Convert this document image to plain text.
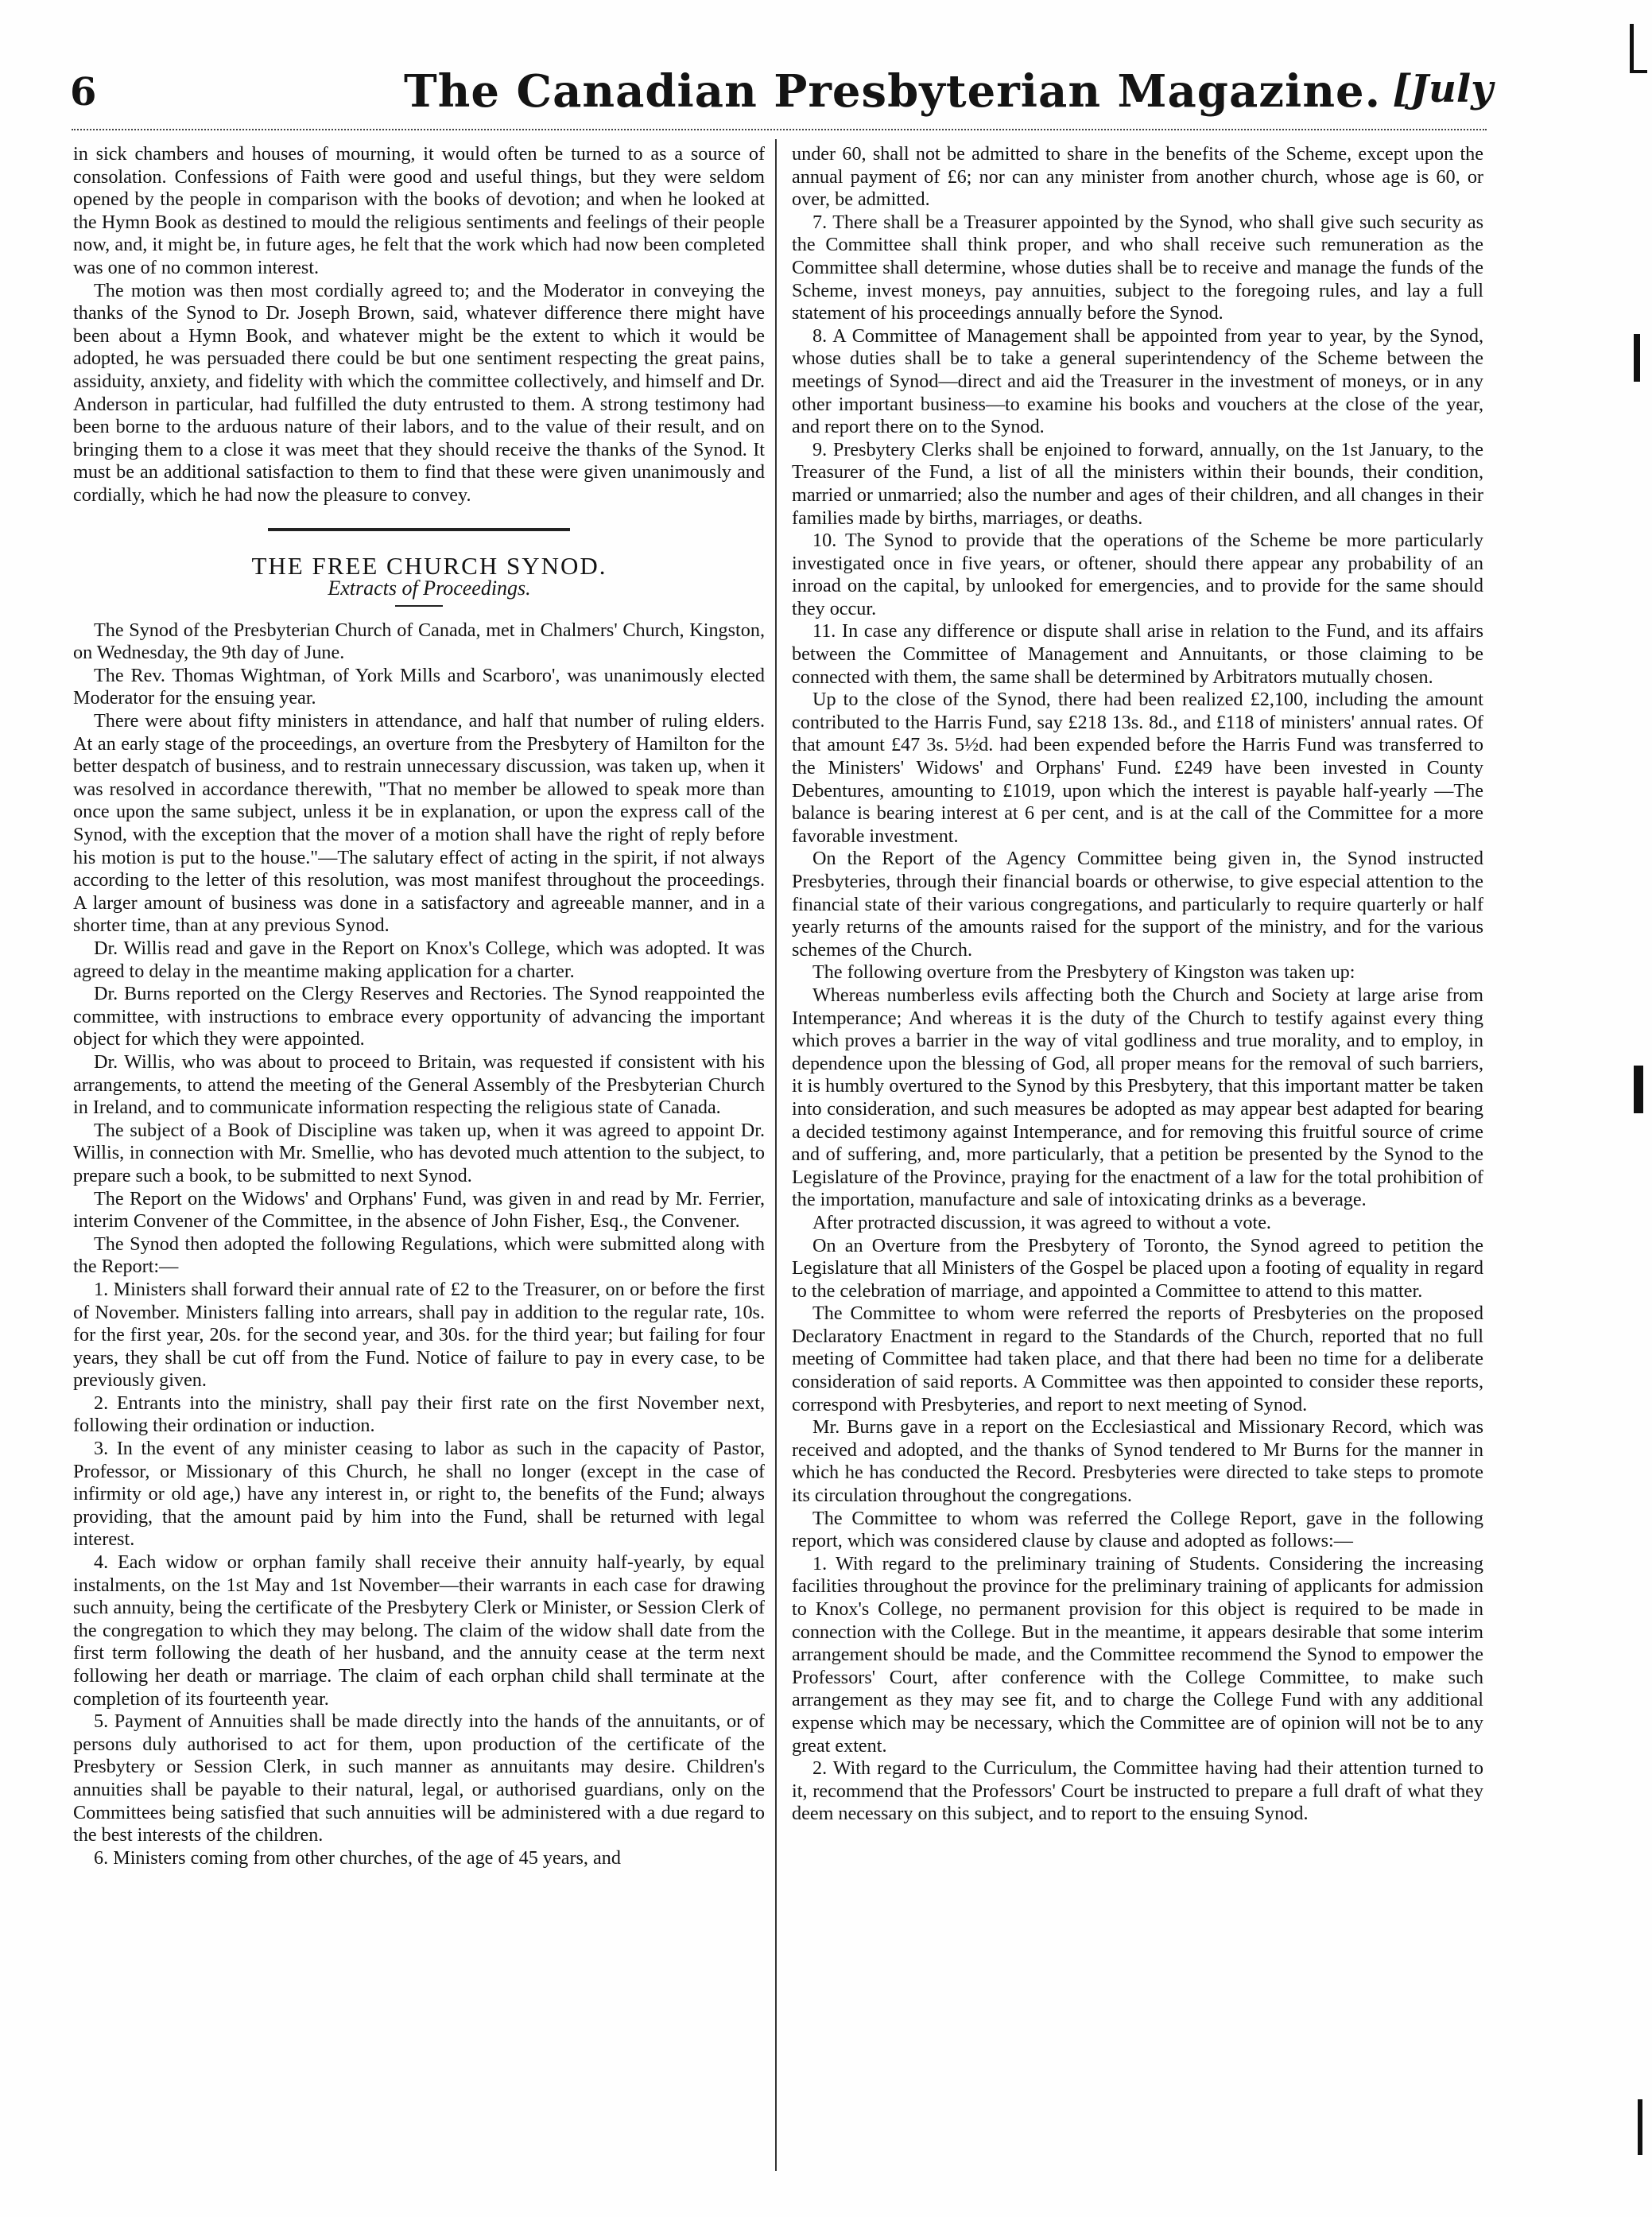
6	The Canadian Presbyterian Magazine. [July

in sick chambers and houses of mourning, it would often be turned to as a source of consolation. Confessions of Faith were good and useful things, but they were seldom opened by the people in comparison with the books of devotion; and when he looked at the Hymn Book as destined to mould the religious sentiments and feelings of their people now, and, it might be, in future ages, he felt that the work which had now been completed was one of no common interest.

The motion was then most cordially agreed to; and the Moderator in conveying the thanks of the Synod to Dr. Joseph Brown, said, whatever difference there might have been about a Hymn Book, and whatever might be the extent to which it would be adopted, he was persuaded there could be but one sentiment respecting the great pains, assiduity, anxiety, and fidelity with which the committee collectively, and himself and Dr. Anderson in particular, had fulfilled the duty entrusted to them. A strong testimony had been borne to the arduous nature of their labors, and to the value of their result, and on bringing them to a close it was meet that they should receive the thanks of the Synod. It must be an additional satisfaction to them to find that these were given unanimously and cordially, which he had now the pleasure to convey.

THE FREE CHURCH SYNOD.

Extracts of Proceedings.

The Synod of the Presbyterian Church of Canada, met in Chalmers' Church, Kingston, on Wednesday, the 9th day of June.

The Rev. Thomas Wightman, of York Mills and Scarboro', was unanimously elected Moderator for the ensuing year.

There were about fifty ministers in attendance, and half that number of ruling elders. At an early stage of the proceedings, an overture from the Presbytery of Hamilton for the better despatch of business, and to restrain unnecessary discussion, was taken up, when it was resolved in accordance therewith, "That no member be allowed to speak more than once upon the same subject, unless it be in explanation, or upon the express call of the Synod, with the exception that the mover of a motion shall have the right of reply before his motion is put to the house."—The salutary effect of acting in the spirit, if not always according to the letter of this resolution, was most manifest throughout the proceedings. A larger amount of business was done in a satisfactory and agreeable manner, and in a shorter time, than at any previous Synod.

Dr. Willis read and gave in the Report on Knox's College, which was adopted. It was agreed to delay in the meantime making application for a charter.

Dr. Burns reported on the Clergy Reserves and Rectories. The Synod reappointed the committee, with instructions to embrace every opportunity of advancing the important object for which they were appointed.

Dr. Willis, who was about to proceed to Britain, was requested if consistent with his arrangements, to attend the meeting of the General Assembly of the Presbyterian Church in Ireland, and to communicate information respecting the religious state of Canada.

The subject of a Book of Discipline was taken up, when it was agreed to appoint Dr. Willis, in connection with Mr. Smellie, who has devoted much attention to the subject, to prepare such a book, to be submitted to next Synod.

The Report on the Widows' and Orphans' Fund, was given in and read by Mr. Ferrier, interim Convener of the Committee, in the absence of John Fisher, Esq., the Convener.

The Synod then adopted the following Regulations, which were submitted along with the Report:—

1. Ministers shall forward their annual rate of £2 to the Treasurer, on or before the first of November. Ministers falling into arrears, shall pay in addition to the regular rate, 10s. for the first year, 20s. for the second year, and 30s. for the third year; but failing for four years, they shall be cut off from the Fund. Notice of failure to pay in every case, to be previously given.

2. Entrants into the ministry, shall pay their first rate on the first November next, following their ordination or induction.

3. In the event of any minister ceasing to labor as such in the capacity of Pastor, Professor, or Missionary of this Church, he shall no longer (except in the case of infirmity or old age,) have any interest in, or right to, the benefits of the Fund; always providing, that the amount paid by him into the Fund, shall be returned with legal interest.

4. Each widow or orphan family shall receive their annuity half-yearly, by equal instalments, on the 1st May and 1st November—their warrants in each case for drawing such annuity, being the certificate of the Presbytery Clerk or Minister, or Session Clerk of the congregation to which they may belong. The claim of the widow shall date from the first term following the death of her husband, and the annuity cease at the term next following her death or marriage. The claim of each orphan child shall terminate at the completion of its fourteenth year.

5. Payment of Annuities shall be made directly into the hands of the annuitants, or of persons duly authorised to act for them, upon production of the certificate of the Presbytery or Session Clerk, in such manner as annuitants may desire. Children's annuities shall be payable to their natural, legal, or authorised guardians, only on the Committees being satisfied that such annuities will be administered with a due regard to the best interests of the children.

6. Ministers coming from other churches, of the age of 45 years, and

under 60, shall not be admitted to share in the benefits of the Scheme, except upon the annual payment of £6; nor can any minister from another church, whose age is 60, or over, be admitted.

7. There shall be a Treasurer appointed by the Synod, who shall give such security as the Committee shall think proper, and who shall receive such remuneration as the Committee shall determine, whose duties shall be to receive and manage the funds of the Scheme, invest moneys, pay annuities, subject to the foregoing rules, and lay a full statement of his proceedings annually before the Synod.

8. A Committee of Management shall be appointed from year to year, by the Synod, whose duties shall be to take a general superintendency of the Scheme between the meetings of Synod—direct and aid the Treasurer in the investment of moneys, or in any other important business—to examine his books and vouchers at the close of the year, and report there on to the Synod.

9. Presbytery Clerks shall be enjoined to forward, annually, on the 1st January, to the Treasurer of the Fund, a list of all the ministers within their bounds, their condition, married or unmarried; also the number and ages of their children, and all changes in their families made by births, marriages, or deaths.

10. The Synod to provide that the operations of the Scheme be more particularly investigated once in five years, or oftener, should there appear any probability of an inroad on the capital, by unlooked for emergencies, and to provide for the same should they occur.

11. In case any difference or dispute shall arise in relation to the Fund, and its affairs between the Committee of Management and Annuitants, or those claiming to be connected with them, the same shall be determined by Arbitrators mutually chosen.

Up to the close of the Synod, there had been realized £2,100, including the amount contributed to the Harris Fund, say £218 13s. 8d., and £118 of ministers' annual rates. Of that amount £47 3s. 5½d. had been expended before the Harris Fund was transferred to the Ministers' Widows' and Orphans' Fund. £249 have been invested in County Debentures, amounting to £1019, upon which the interest is payable half-yearly —The balance is bearing interest at 6 per cent, and is at the call of the Committee for a more favorable investment.

On the Report of the Agency Committee being given in, the Synod instructed Presbyteries, through their financial boards or otherwise, to give especial attention to the financial state of their various congregations, and particularly to require quarterly or half yearly returns of the amounts raised for the support of the ministry, and for the various schemes of the Church.

The following overture from the Presbytery of Kingston was taken up:

Whereas numberless evils affecting both the Church and Society at large arise from Intemperance; And whereas it is the duty of the Church to testify against every thing which proves a barrier in the way of vital godliness and true morality, and to employ, in dependence upon the blessing of God, all proper means for the removal of such barriers, it is humbly overtured to the Synod by this Presbytery, that this important matter be taken into consideration, and such measures be adopted as may appear best adapted for bearing a decided testimony against Intemperance, and for removing this fruitful source of crime and of suffering, and, more particularly, that a petition be presented by the Synod to the Legislature of the Province, praying for the enactment of a law for the total prohibition of the importation, manufacture and sale of intoxicating drinks as a beverage.

After protracted discussion, it was agreed to without a vote.

On an Overture from the Presbytery of Toronto, the Synod agreed to petition the Legislature that all Ministers of the Gospel be placed upon a footing of equality in regard to the celebration of marriage, and appointed a Committee to attend to this matter.

The Committee to whom were referred the reports of Presbyteries on the proposed Declaratory Enactment in regard to the Standards of the Church, reported that no full meeting of Committee had taken place, and that there had been no time for a deliberate consideration of said reports. A Committee was then appointed to consider these reports, correspond with Presbyteries, and report to next meeting of Synod.

Mr. Burns gave in a report on the Ecclesiastical and Missionary Record, which was received and adopted, and the thanks of Synod tendered to Mr Burns for the manner in which he has conducted the Record. Presbyteries were directed to take steps to promote its circulation throughout the congregations.

The Committee to whom was referred the College Report, gave in the following report, which was considered clause by clause and adopted as follows:—

1. With regard to the preliminary training of Students. Considering the increasing facilities throughout the province for the preliminary training of applicants for admission to Knox's College, no permanent provision for this object is required to be made in connection with the College. But in the meantime, it appears desirable that some interim arrangement should be made, and the Committee recommend the Synod to empower the Professors' Court, after conference with the College Committee, to make such arrangement as they may see fit, and to charge the College Fund with any additional expense which may be necessary, which the Committee are of opinion will not be to any great extent.

2. With regard to the Curriculum, the Committee having had their attention turned to it, recommend that the Professors' Court be instructed to prepare a full draft of what they deem necessary on this subject, and to report to the ensuing Synod.
